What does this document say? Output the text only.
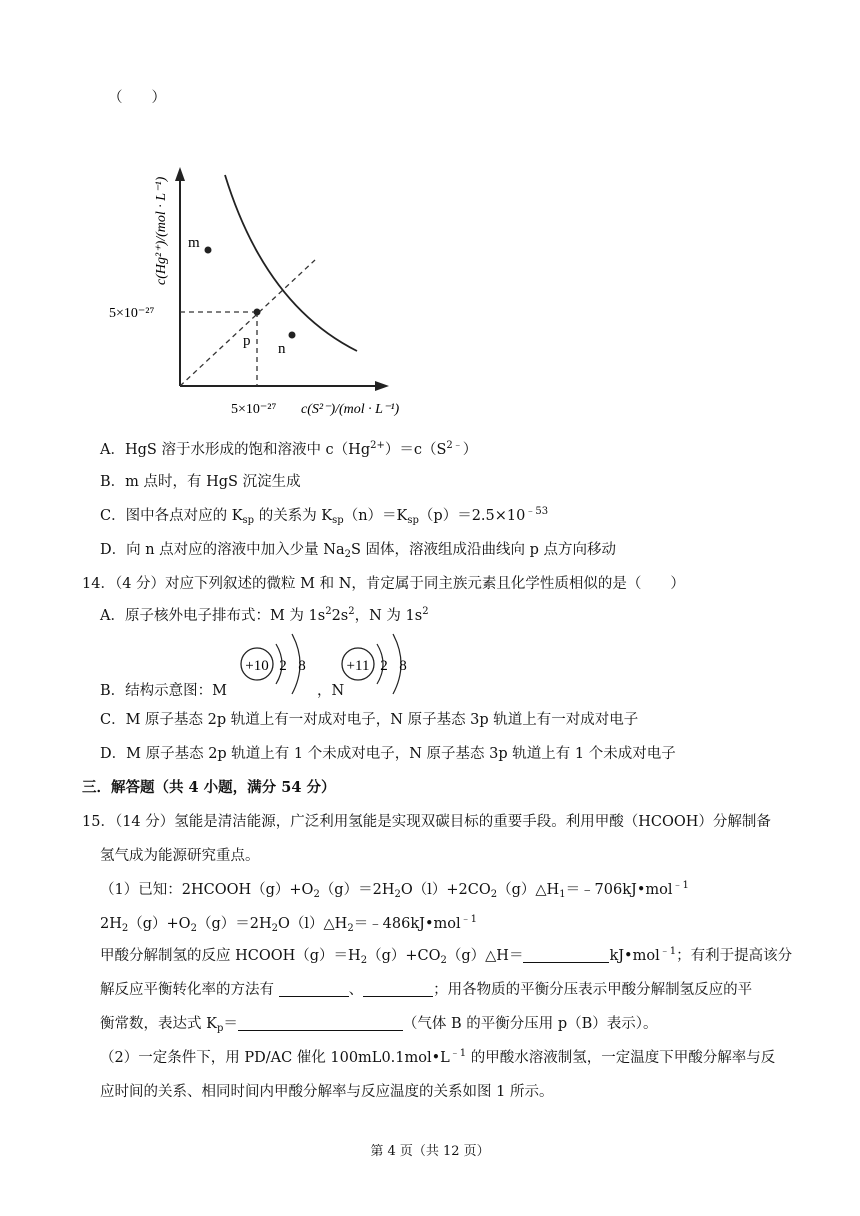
（　　）
m
p n
5×10⁻²⁷
5×10⁻²⁷ c(S²⁻)/(mol · L⁻¹)
c(Hg²⁺)/(mol · L⁻¹)
A．HgS 溶于水形成的饱和溶液中 $c(Hg^{2+})=c(S^{2﹣})$
B．m 点时，有 HgS 沉淀生成
C．图中各点对应的 $K_{sp}$ 的关系为 $K_{sp}(n)=K_{sp}(p)=2.5\times 10^{﹣53}$
D．向 n 点对应的溶液中加入少量 $Na_2S$ 固体，溶液组成沿曲线向 p 点方向移动
14．（4 分）对应下列叙述的微粒 M 和 N，肯定属于同主族元素且化学性质相似的是（　　）
A．原子核外电子排布式：M 为 $1s^22s^2$，N 为 $1s^2$
B．结构示意图：M
+10 2 8	+11 2 8
，N
C．M 原子基态 2p 轨道上有一对成对电子，N 原子基态 3p 轨道上有一对成对电子
D．M 原子基态 2p 轨道上有 1 个未成对电子，N 原子基态 3p 轨道上有 1 个未成对电子
三．解答题（共 4 小题，满分 54 分）
15．（14 分）氢能是清洁能源，广泛利用氢能是实现双碳目标的重要手段。利用甲酸（HCOOH）分解制备
氢气成为能源研究重点。
（1）已知：$2HCOOH(g)+O_2(g)=2H_2O(l)+2CO_2(g)\triangle H_1=﹣706kJ•mol^{﹣1}$
$2H_2(g)+O_2(g)=2H_2O(l)\triangle H_2=﹣486kJ•mol^{﹣1}$
甲酸分解制氢的反应 $HCOOH(g)=H_2(g)+CO_2(g)\triangle H=$	kJ•mol$^{﹣1}$；有利于提高该分
解反应平衡转化率的方法有	、	；用各物质的平衡分压表示甲酸分解制氢反应的平
衡常数，表达式 $K_p=$	（气体 B 的平衡分压用 p（B）表示）。
（2）一定条件下，用 PD/AC 催化 $100mL0.1mol•L^{﹣1}$ 的甲酸水溶液制氢，一定温度下甲酸分解率与反
应时间的关系、相同时间内甲酸分解率与反应温度的关系如图 1 所示。
第 4 页（共 12 页）
